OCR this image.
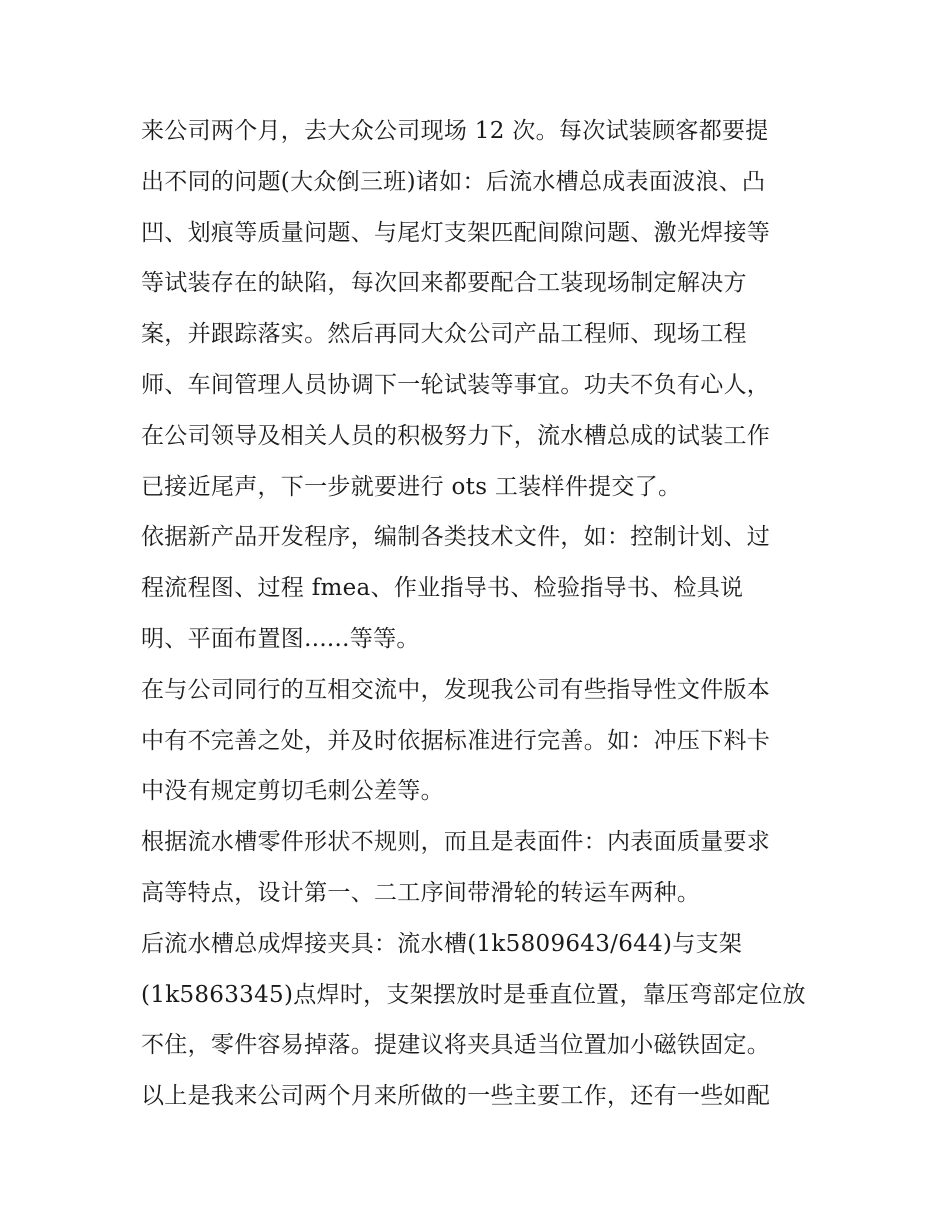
来公司两个月，去大众公司现场 12 次。每次试装顾客都要提
出不同的问题(大众倒三班)诸如：后流水槽总成表面波浪、凸
凹、划痕等质量问题、与尾灯支架匹配间隙问题、激光焊接等
等试装存在的缺陷，每次回来都要配合工装现场制定解决方
案，并跟踪落实。然后再同大众公司产品工程师、现场工程
师、车间管理人员协调下一轮试装等事宜。功夫不负有心人，
在公司领导及相关人员的积极努力下，流水槽总成的试装工作
已接近尾声，下一步就要进行 ots 工装样件提交了。
依据新产品开发程序，编制各类技术文件，如：控制计划、过
程流程图、过程 fmea、作业指导书、检验指导书、检具说
明、平面布置图......等等。
在与公司同行的互相交流中，发现我公司有些指导性文件版本
中有不完善之处，并及时依据标准进行完善。如：冲压下料卡
中没有规定剪切毛刺公差等。
根据流水槽零件形状不规则，而且是表面件：内表面质量要求
高等特点，设计第一、二工序间带滑轮的转运车两种。
后流水槽总成焊接夹具：流水槽(1k5809643/644)与支架
(1k5863345)点焊时，支架摆放时是垂直位置，靠压弯部定位放
不住，零件容易掉落。提建议将夹具适当位置加小磁铁固定。
以上是我来公司两个月来所做的一些主要工作，还有一些如配
